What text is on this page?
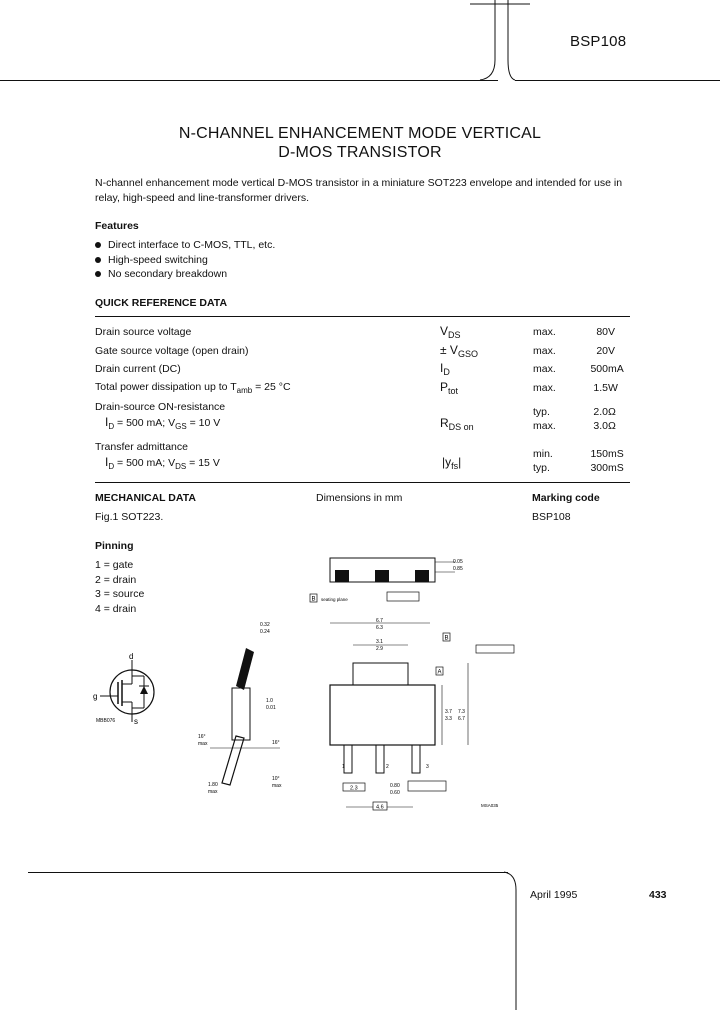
BSP108
N-CHANNEL ENHANCEMENT MODE VERTICAL
D-MOS TRANSISTOR
N-channel enhancement mode vertical D-MOS transistor in a miniature SOT223 envelope and intended for use in relay, high-speed and line-transformer drivers.
Features
Direct interface to C-MOS, TTL, etc.
High-speed switching
No secondary breakdown
QUICK REFERENCE DATA
Drain source voltage	$V_{DS}$	max.	80	V
Gate source voltage (open drain)	± $V_{GSO}$	max.	20	V
Drain current (DC)	$I_D$	max.	500	mA
Total power dissipation up to $T_{amb} = 25$ °C	$P_{tot}$	max.	1.5	W
Drain-source ON-resistance
$I_D = 500$ mA; $V_{GS} = 10$ V	$R_{DS on}$
typ.	2.0	Ω
max.	3.0	Ω
Transfer admittance
$I_D = 500$ mA; $V_{DS} = 15$ V	$|y_{fs}|$
min.	150	mS
typ.	300	mS
MECHANICAL DATA	Dimensions in mm	Marking code
Fig.1 SOT223.	BSP108
Pinning
1 = gate
2 = drain
3 = source
4 = drain
d
g
s
MBB076
0.05
0.85
B seating plane
0.32
0.24
1.0
0.01
16°
max	16°
1.80
max
10°
max
6.7
6.3
3.1
2.9
1	2	3
3.7
3.3
7.3
6.7
B
A
2.3	0.80
0.60
4.6	MSA035
April 1995	433
